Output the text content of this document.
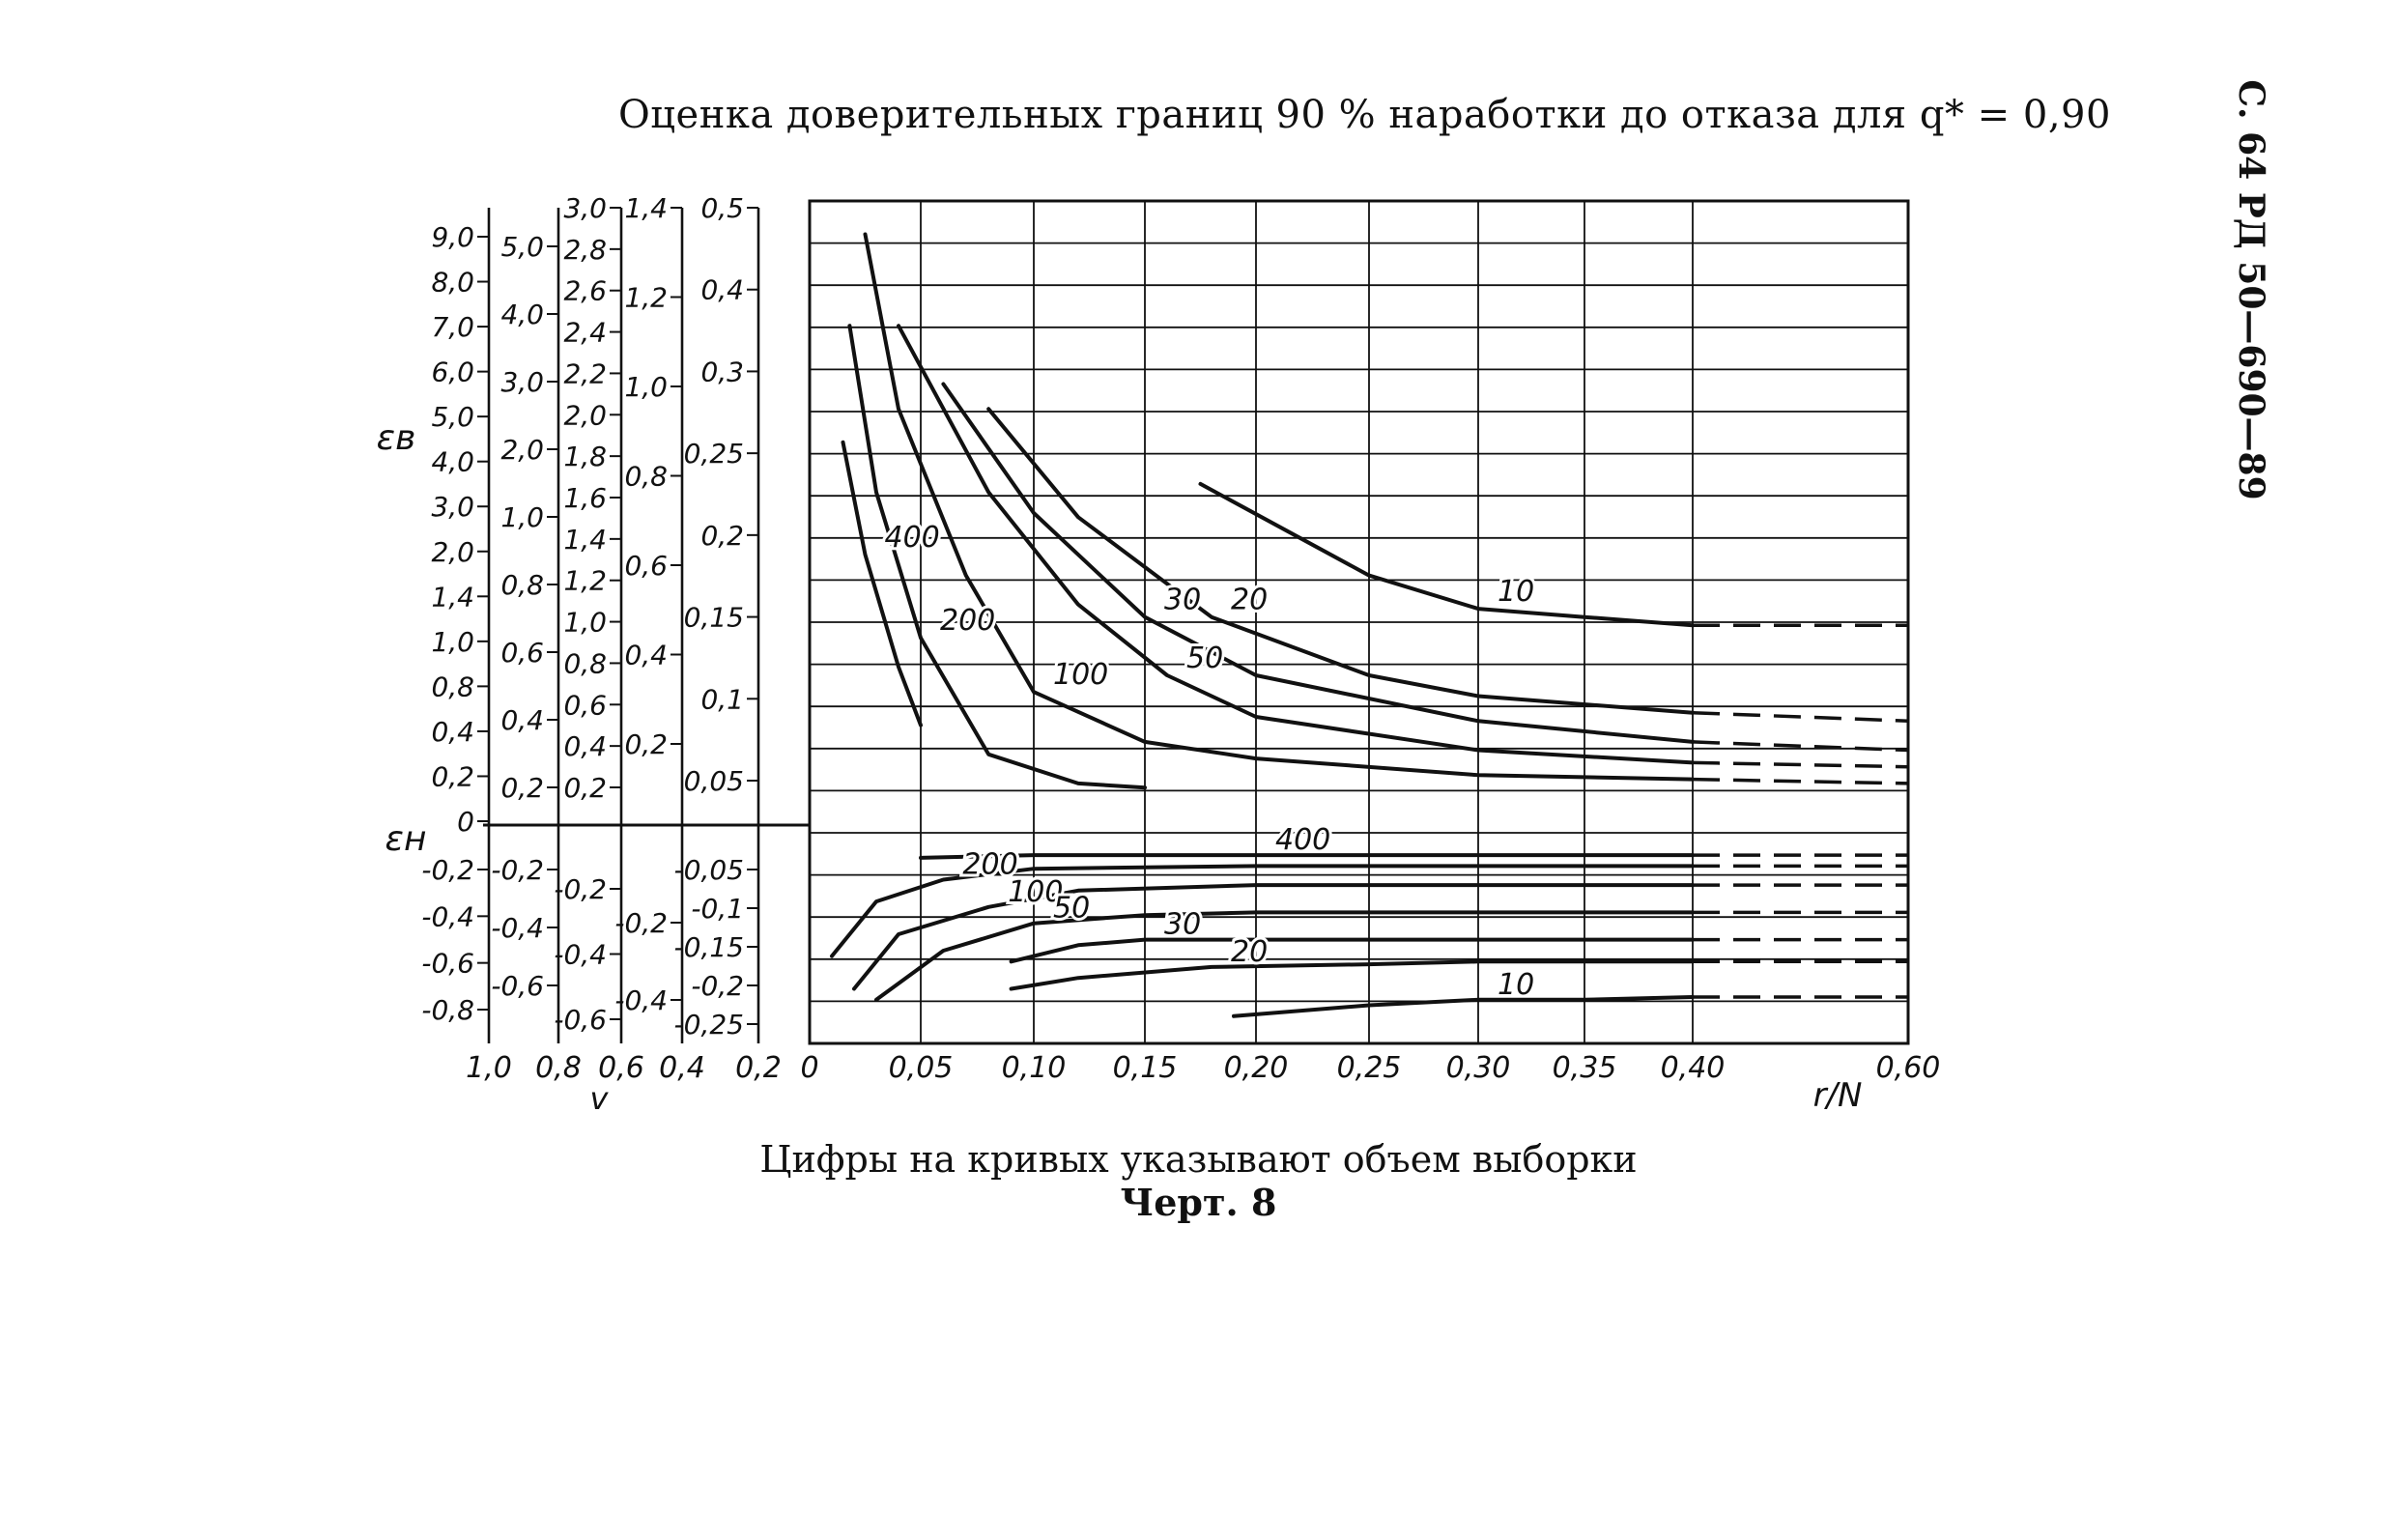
Оценка доверительных границ 90 % наработки до отказа для q* = 0,90	С. 64 РД 50—690—89
9,0
8,0
7,0
6,0
5,0
4,0
3,0
2,0
1,4
1,0
0,8
0,4
0,2
0
5,0
4,0
3,0
2,0
1,0
0,8
0,6
0,4
0,2
3,0
2,8
2,6
2,4
2,2
2,0
1,8
1,6
1,4
1,2
1,0
0,8
0,6
0,4
0,2
1,4
1,2
1,0
0,8
0,6
0,4
0,2
0,5
0,4
0,3
0,25
0,2
0,15
0,1
0,05
-0,2
-0,4
-0,6
-0,8
-0,2
-0,4
-0,6
-0,2
-0,4
-0,6
-0,2
-0,4
-0,05
-0,1
-0,15
-0,2
-0,25
1,0 0,8 0,6 0,4 0,2
v
εв
εн
10
20
30
50
100
200
400
400
200
100
50	30
20
10
0 0,05 0,10 0,15 0,20 0,25 0,30 0,35 0,40	0,60
r/N
Цифры на кривых указывают объем выборки
Черт. 8
